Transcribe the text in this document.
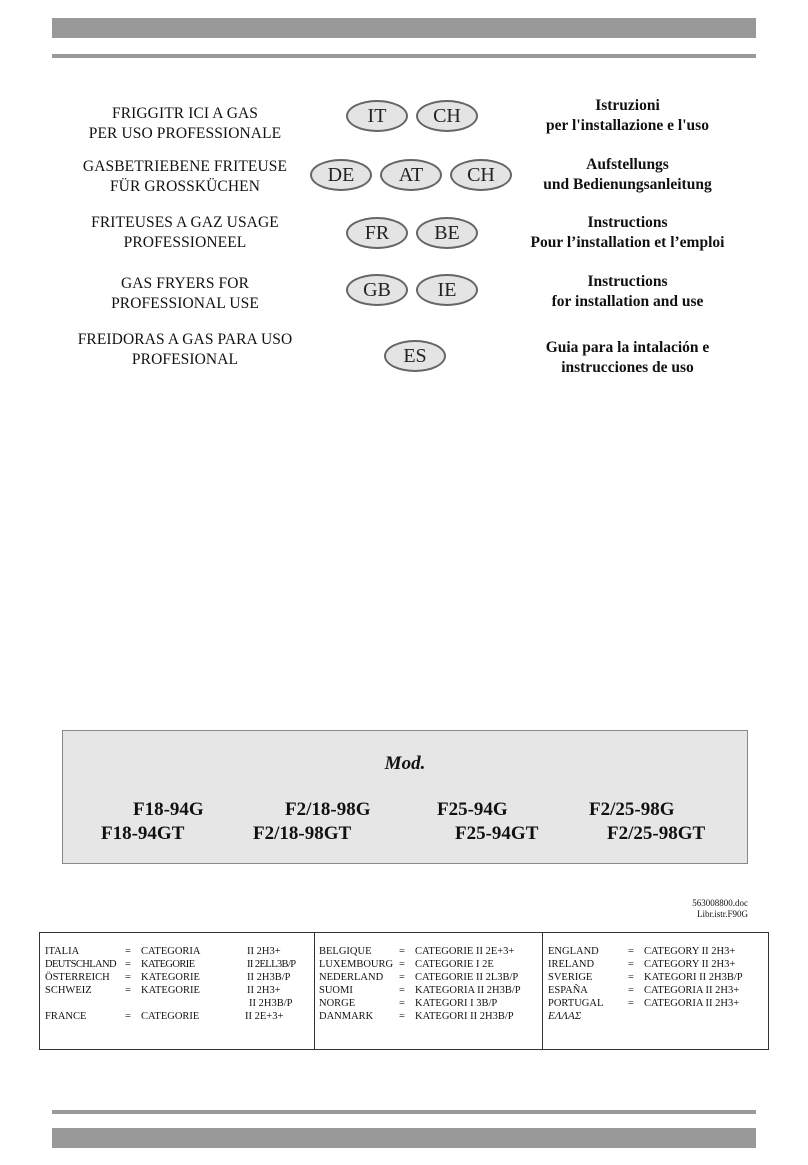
FRIGGITR ICI A GAS
PER USO PROFESSIONALE
IT	CH	Istruzioni
per l'installazione e l'uso
GASBETRIEBENE FRITEUSE
FÜR GROSSKÜCHEN
DE	AT	CH	Aufstellungs
und Bedienungsanleitung
FRITEUSES A GAZ USAGE
PROFESSIONEEL	FR	BE	Instructions
Pour l’installation et l’emploi
GAS FRYERS FOR
PROFESSIONAL USE
GB	IE	Instructions
for installation and use
FREIDORAS A GAS PARA USO
PROFESIONAL	ES	Guia para la intalación e
instrucciones de uso
Mod.
F18-94G	F2/18-98G	F25-94G	F2/25-98G
F18-94GT	F2/18-98GT	F25-94GT	F2/25-98GT
563008800.doc
Libr.istr.F90G
ITALIA	= CATEGORIA	II 2H3+
DEUTSCHLAND = KATEGORIE	II 2ELL3B/P
ÖSTERREICH = KATEGORIE	II 2H3B/P
SCHWEIZ	= KATEGORIE	II 2H3+
II 2H3B/P
FRANCE	= CATEGORIE	II 2E+3+
BELGIQUE	= CATEGORIE II 2E+3+
LUXEMBOURG = CATEGORIE I 2E
NEDERLAND = CATEGORIE II 2L3B/P
SUOMI	= KATEGORIA II 2H3B/P
NORGE	= KATEGORI I 3B/P
DANMARK = KATEGORI II 2H3B/P
ENGLAND	= CATEGORY II 2H3+
IRELAND	= CATEGORY II 2H3+
SVERIGE	= KATEGORI II 2H3B/P
ESPAÑA	= CATEGORIA II 2H3+
PORTUGAL = CATEGORIA II 2H3+
ΕΛΛΑΣ
